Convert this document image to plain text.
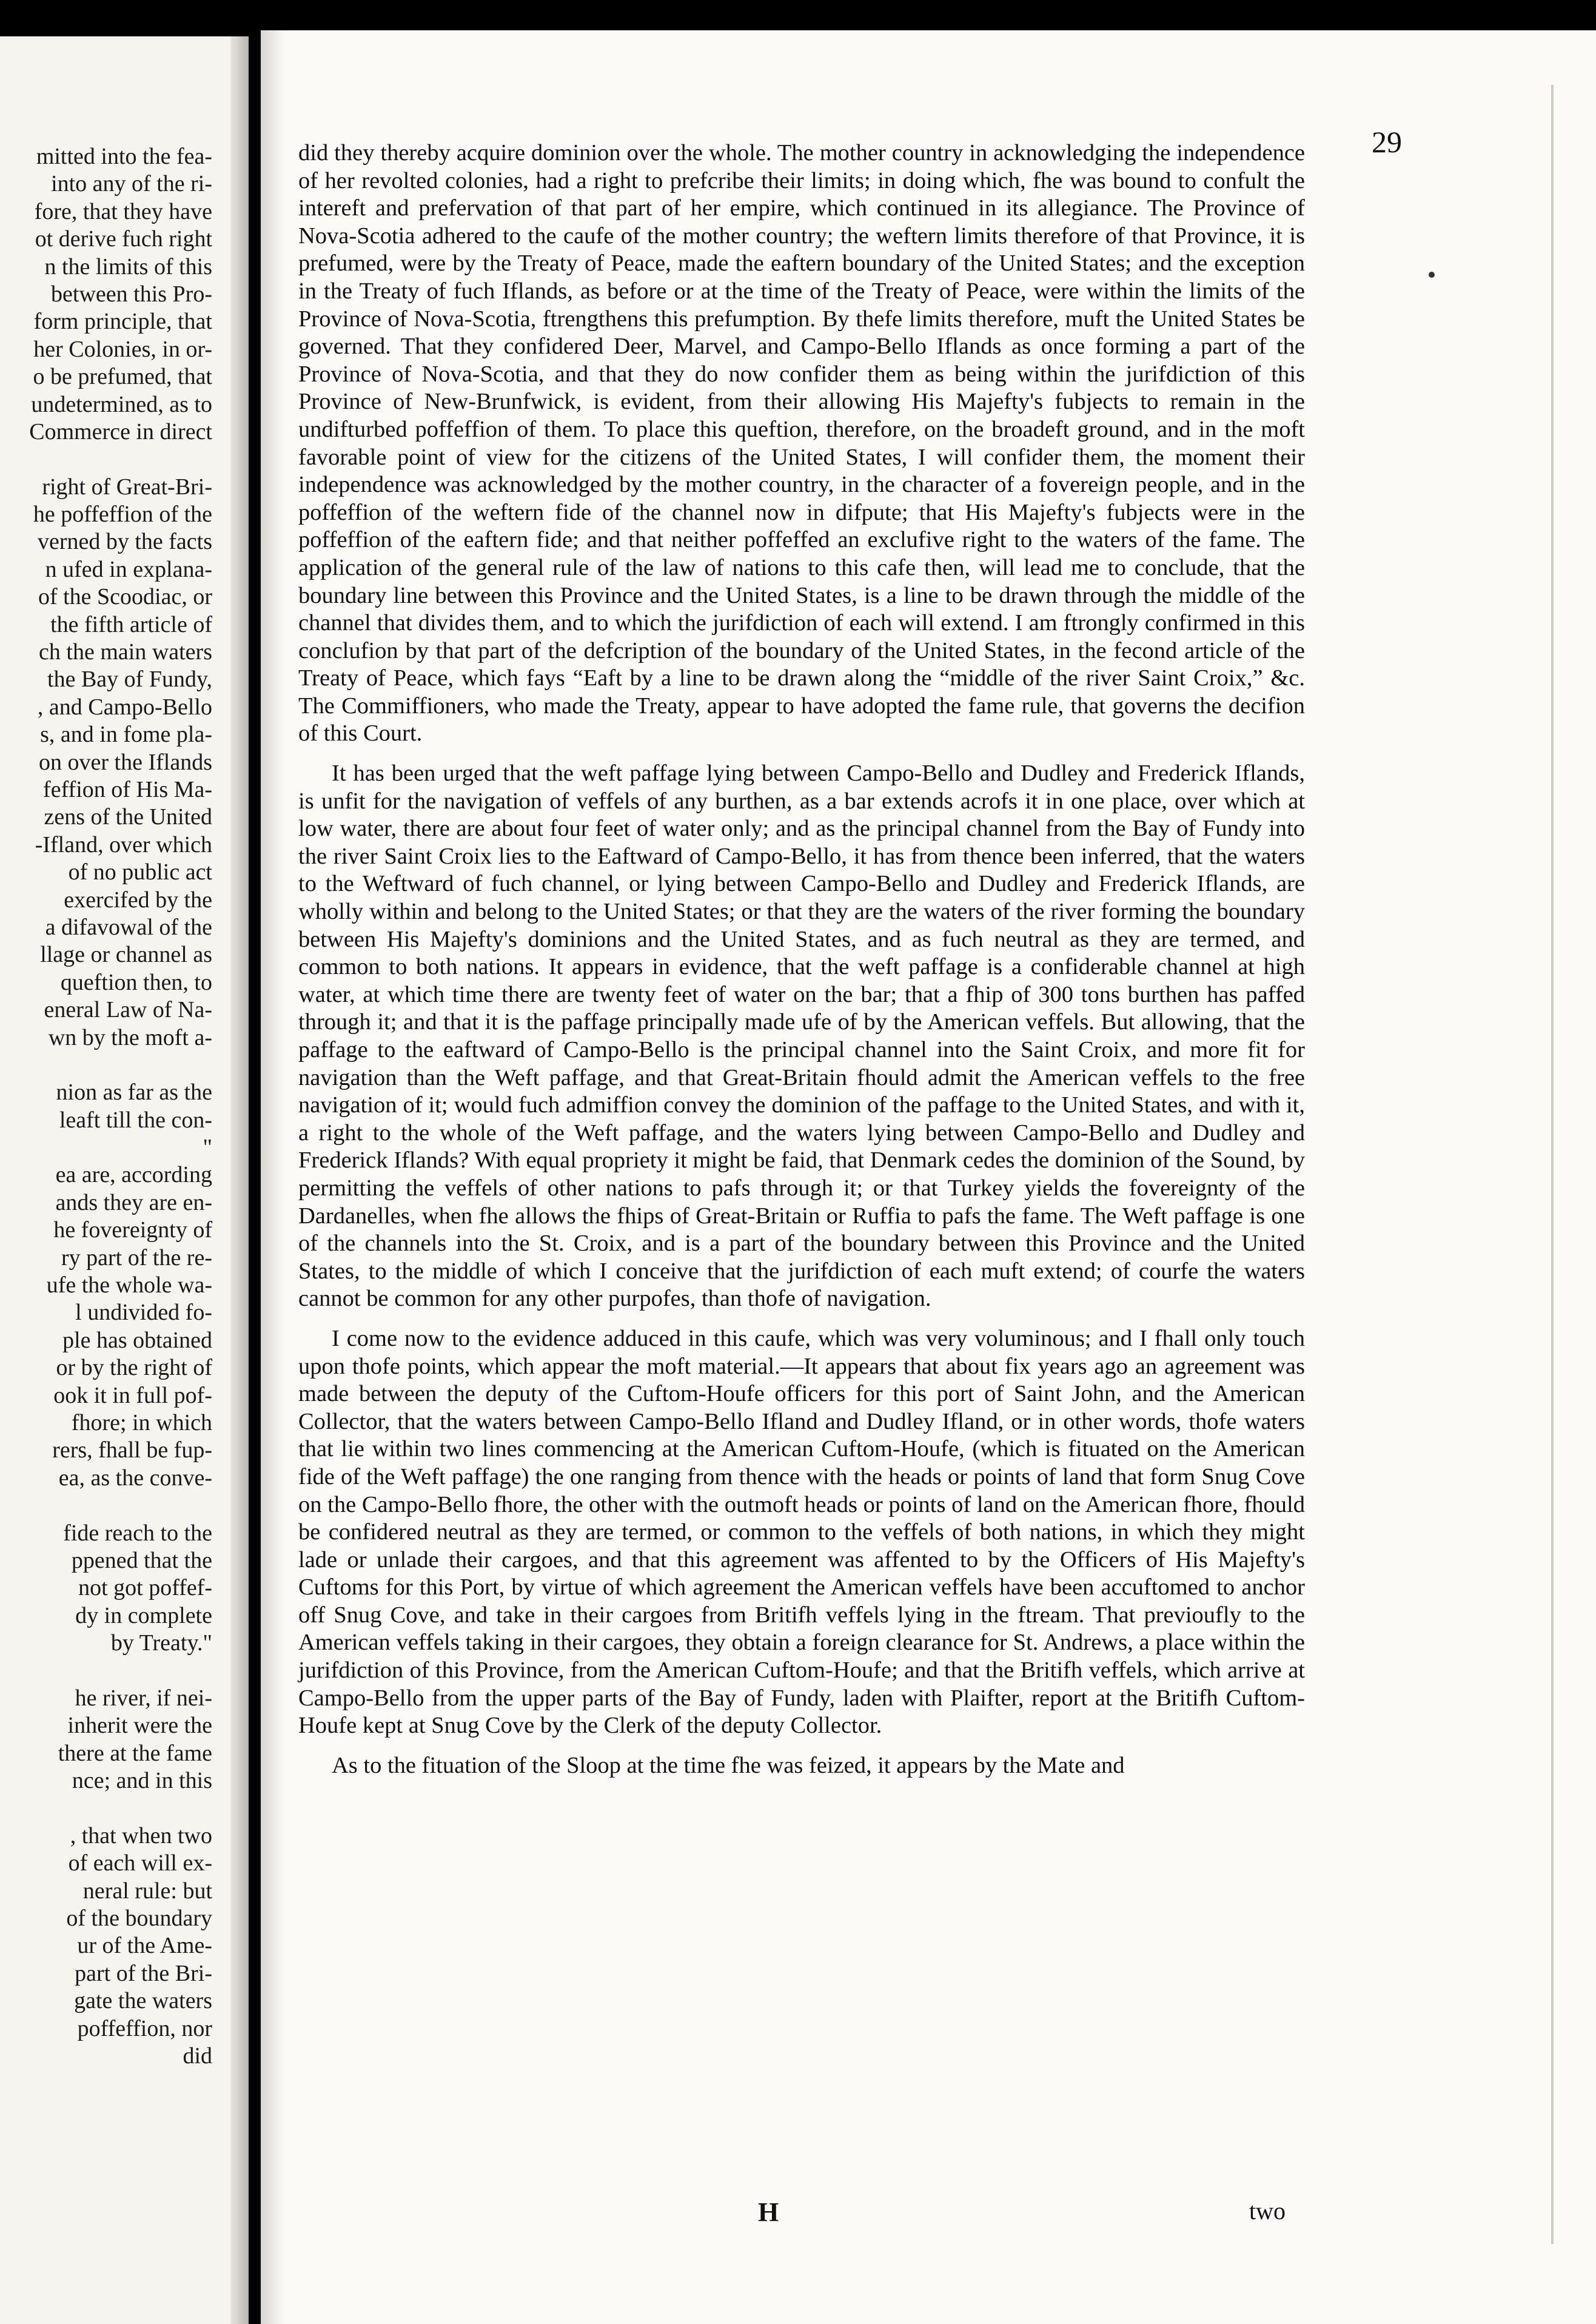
mitted into the fea-
into any of the ri-
fore, that they have
ot derive fuch right
n the limits of this
between this Pro-
form principle, that
her Colonies, in or-
o be prefumed, that
undetermined, as to
Commerce in direct
right of Great-Bri-
he poffeffion of the
verned by the facts
n ufed in explana-
of the Scoodiac, or
the fifth article of
ch the main waters
the Bay of Fundy,
, and Campo-Bello
s, and in fome pla-
on over the Iflands
feffion of His Ma-
zens of the United
-Ifland, over which
of no public act
exercifed by the
a difavowal of the
llage or channel as
queftion then, to
eneral Law of Na-
wn by the moft a-
nion as far as the
leaft till the con-
"
ea are, according
ands they are en-
he fovereignty of
ry part of the re-
ufe the whole wa-
l undivided fo-
ple has obtained
or by the right of
ook it in full pof-
fhore; in which
rers, fhall be fup-
ea, as the conve-
fide reach to the
ppened that the
not got poffef-
dy in complete
by Treaty."
he river, if nei-
inherit were the
there at the fame
nce; and in this
, that when two
of each will ex-
neral rule: but
of the boundary
ur of the Ame-
part of the Bri-
gate the waters
poffeffion, nor
did
29

did they thereby acquire dominion over the whole. The mother country in acknowledging the independence of her revolted colonies, had a right to prefcribe their limits; in doing which, fhe was bound to confult the intereft and prefervation of that part of her empire, which continued in its allegiance. The Province of Nova-Scotia adhered to the caufe of the mother country; the weftern limits therefore of that Province, it is prefumed, were by the Treaty of Peace, made the eaftern boundary of the United States; and the exception in the Treaty of fuch Iflands, as before or at the time of the Treaty of Peace, were within the limits of the Province of Nova-Scotia, ftrengthens this prefumption. By thefe limits therefore, muft the United States be governed. That they confidered Deer, Marvel, and Campo-Bello Iflands as once forming a part of the Province of Nova-Scotia, and that they do now confider them as being within the jurifdiction of this Province of New-Brunfwick, is evident, from their allowing His Majefty's fubjects to remain in the undifturbed poffeffion of them. To place this queftion, therefore, on the broadeft ground, and in the moft favorable point of view for the citizens of the United States, I will confider them, the moment their independence was acknowledged by the mother country, in the character of a fovereign people, and in the poffeffion of the weftern fide of the channel now in difpute; that His Majefty's fubjects were in the poffeffion of the eaftern fide; and that neither poffeffed an exclufive right to the waters of the fame. The application of the general rule of the law of nations to this cafe then, will lead me to conclude, that the boundary line between this Province and the United States, is a line to be drawn through the middle of the channel that divides them, and to which the jurifdiction of each will extend. I am ftrongly confirmed in this conclufion by that part of the defcription of the boundary of the United States, in the fecond article of the Treaty of Peace, which fays “Eaft by a line to be drawn along the “middle of the river Saint Croix,” &c. The Commiffioners, who made the Treaty, appear to have adopted the fame rule, that governs the decifion of this Court.

It has been urged that the weft paffage lying between Campo-Bello and Dudley and Frederick Iflands, is unfit for the navigation of veffels of any burthen, as a bar extends acrofs it in one place, over which at low water, there are about four feet of water only; and as the principal channel from the Bay of Fundy into the river Saint Croix lies to the Eaftward of Campo-Bello, it has from thence been inferred, that the waters to the Weftward of fuch channel, or lying between Campo-Bello and Dudley and Frederick Iflands, are wholly within and belong to the United States; or that they are the waters of the river forming the boundary between His Majefty's dominions and the United States, and as fuch neutral as they are termed, and common to both nations. It appears in evidence, that the weft paffage is a confiderable channel at high water, at which time there are twenty feet of water on the bar; that a fhip of 300 tons burthen has paffed through it; and that it is the paffage principally made ufe of by the American veffels. But allowing, that the paffage to the eaftward of Campo-Bello is the principal channel into the Saint Croix, and more fit for navigation than the Weft paffage, and that Great-Britain fhould admit the American veffels to the free navigation of it; would fuch admiffion convey the dominion of the paffage to the United States, and with it, a right to the whole of the Weft paffage, and the waters lying between Campo-Bello and Dudley and Frederick Iflands? With equal propriety it might be faid, that Denmark cedes the dominion of the Sound, by permitting the veffels of other nations to pafs through it; or that Turkey yields the fovereignty of the Dardanelles, when fhe allows the fhips of Great-Britain or Ruffia to pafs the fame. The Weft paffage is one of the channels into the St. Croix, and is a part of the boundary between this Province and the United States, to the middle of which I conceive that the jurifdiction of each muft extend; of courfe the waters cannot be common for any other purpofes, than thofe of navigation.

I come now to the evidence adduced in this caufe, which was very voluminous; and I fhall only touch upon thofe points, which appear the moft material.—It appears that about fix years ago an agreement was made between the deputy of the Cuftom-Houfe officers for this port of Saint John, and the American Collector, that the waters between Campo-Bello Ifland and Dudley Ifland, or in other words, thofe waters that lie within two lines commencing at the American Cuftom-Houfe, (which is fituated on the American fide of the Weft paffage) the one ranging from thence with the heads or points of land that form Snug Cove on the Campo-Bello fhore, the other with the outmoft heads or points of land on the American fhore, fhould be confidered neutral as they are termed, or common to the veffels of both nations, in which they might lade or unlade their cargoes, and that this agreement was affented to by the Officers of His Majefty's Cuftoms for this Port, by virtue of which agreement the American veffels have been accuftomed to anchor off Snug Cove, and take in their cargoes from Britifh veffels lying in the ftream. That previoufly to the American veffels taking in their cargoes, they obtain a foreign clearance for St. Andrews, a place within the jurifdiction of this Province, from the American Cuftom-Houfe; and that the Britifh veffels, which arrive at Campo-Bello from the upper parts of the Bay of Fundy, laden with Plaifter, report at the Britifh Cuftom-Houfe kept at Snug Cove by the Clerk of the deputy Collector.

As to the fituation of the Sloop at the time fhe was feized, it appears by the Mate and

H	two
